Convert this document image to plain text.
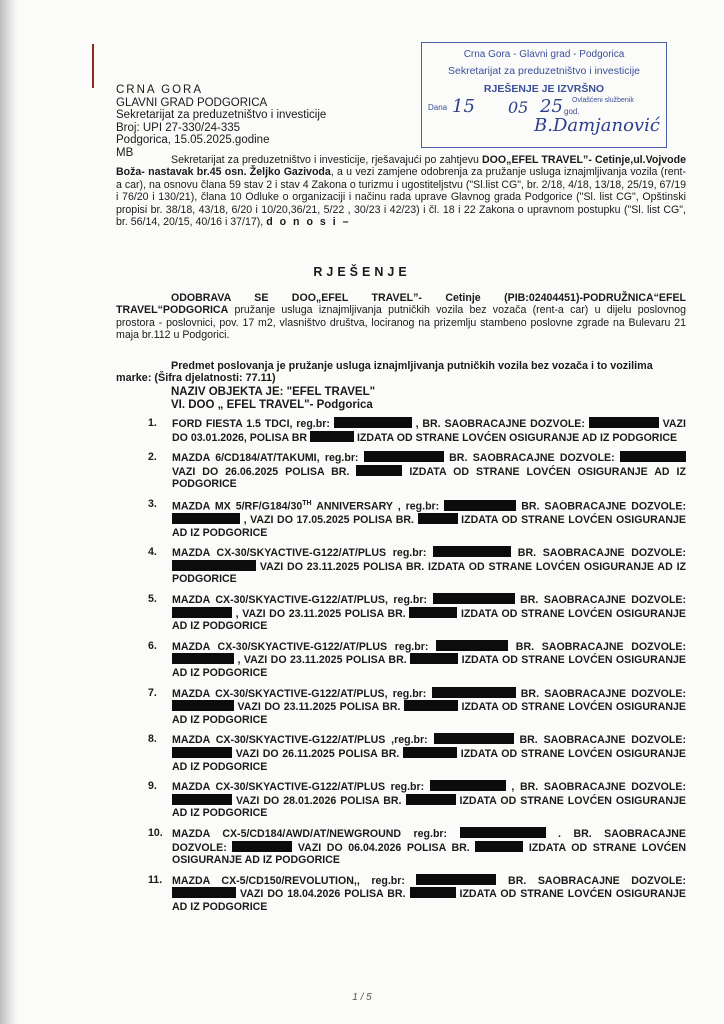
Crna Gora - Glavni grad - Podgorica
Sekretarijat za preduzetništvo i investicije
RJEŠENJE JE IZVRŠNO
Dana 15 05 25 god.
Ovlašćeni službenik
B.Damjanović
CRNA GORA
GLAVNI GRAD PODGORICA
Sekretarijat za preduzetništvo i investicije
Broj: UPI 27-330/24-335
Podgorica, 15.05.2025.godine
MB

Sekretarijat za preduzetništvo i investicije, rješavajući po zahtjevu DOO„EFEL TRAVEL”- Cetinje,ul.Vojvode Boža- nastavak br.45 osn. Željko Gazivoda, a u vezi zamjene odobrenja za pružanje usluga iznajmljivanja vozila (rent-a car), na osnovu člana 59 stav 2 i stav 4 Zakona o turizmu i ugostiteljstvu ("Sl.list CG", br. 2/18, 4/18, 13/18, 25/19, 67/19 i 76/20 i 130/21), člana 10 Odluke o organizaciji i načinu rada uprave Glavnog grada Podgorice ("Sl. list CG", Opštinski propisi br. 38/18, 43/18, 6/20 i 10/20,36/21, 5/22 , 30/23 i 42/23) i čl. 18 i 22 Zakona o upravnom postupku ("Sl. list CG", br. 56/14, 20/15, 40/16 i 37/17), d o n o s i –

RJEŠENJE

ODOBRAVA SE DOO„EFEL TRAVEL”- Cetinje (PIB:02404451)-PODRUŽNICA“EFEL TRAVEL“PODGORICA pružanje usluga iznajmljivanja putničkih vozila bez vozača (rent-a car) u dijelu poslovnog prostora - poslovnici, pov. 17 m2, vlasništvo društva, lociranog na prizemlju stambeno poslovne zgrade na Bulevaru 21 maja br.112 u Podgorici.

Predmet poslovanja je pružanje usluga iznajmljivanja putničkih vozila bez vozača i to vozilima marke: (Šifra djelatnosti: 77.11)

NAZIV OBJEKTA JE: "EFEL TRAVEL"
VI. DOO „ EFEL TRAVEL"- Podgorica
1. FORD FIESTA 1.5 TDCI, reg.br:	, BR. SAOBRACAJNE DOZVOLE:	VAZI DO 03.01.2026, POLISA BR	IZDATA OD STRANE LOVĆEN OSIGURANJE AD IZ PODGORICE
2. MAZDA 6/CD184/AT/TAKUMI, reg.br:	BR. SAOBRACAJNE DOZVOLE:  VAZI DO 26.06.2025 POLISA BR.	IZDATA OD STRANE LOVĆEN OSIGURANJE AD IZ PODGORICE
3. MAZDA MX 5/RF/G184/30TH ANNIVERSARY , reg.br:	BR. SAOBRACAJNE DOZVOLE:  , VAZI DO 17.05.2025 POLISA BR.	IZDATA OD STRANE LOVĆEN OSIGURANJE AD IZ PODGORICE
4. MAZDA CX-30/SKYACTIVE-G122/AT/PLUS reg.br:	BR. SAOBRACAJNE DOZVOLE:  VAZI DO 23.11.2025 POLISA BR. IZDATA OD STRANE LOVĆEN OSIGURANJE AD IZ PODGORICE
5. MAZDA CX-30/SKYACTIVE-G122/AT/PLUS, reg.br:	BR. SAOBRACAJNE DOZVOLE:  , VAZI DO 23.11.2025 POLISA BR.	IZDATA OD STRANE LOVĆEN OSIGURANJE AD IZ PODGORICE
6. MAZDA CX-30/SKYACTIVE-G122/AT/PLUS reg.br:	BR. SAOBRACAJNE DOZVOLE:  , VAZI DO 23.11.2025 POLISA BR.	IZDATA OD STRANE LOVĆEN OSIGURANJE AD IZ PODGORICE
7. MAZDA CX-30/SKYACTIVE-G122/AT/PLUS, reg.br:	BR. SAOBRACAJNE DOZVOLE:  VAZI DO 23.11.2025 POLISA BR.	IZDATA OD STRANE LOVĆEN OSIGURANJE AD IZ PODGORICE
8. MAZDA CX-30/SKYACTIVE-G122/AT/PLUS ,reg.br:	BR. SAOBRACAJNE DOZVOLE:  VAZI DO 26.11.2025 POLISA BR.	IZDATA OD STRANE LOVĆEN OSIGURANJE AD IZ PODGORICE
9. MAZDA CX-30/SKYACTIVE-G122/AT/PLUS reg.br:	, BR. SAOBRACAJNE DOZVOLE:  VAZI DO 28.01.2026 POLISA BR.	IZDATA OD STRANE LOVĆEN OSIGURANJE AD IZ PODGORICE
10. MAZDA CX-5/CD184/AWD/AT/NEWGROUND reg.br:	. BR. SAOBRACAJNE DOZVOLE:	VAZI DO 06.04.2026 POLISA BR.	IZDATA OD STRANE LOVĆEN OSIGURANJE AD IZ PODGORICE
11. MAZDA CX-5/CD150/REVOLUTION,, reg.br:	BR. SAOBRACAJNE DOZVOLE:  VAZI DO 18.04.2026 POLISA BR.	IZDATA OD STRANE LOVĆEN OSIGURANJE AD IZ PODGORICE
1 / 5
